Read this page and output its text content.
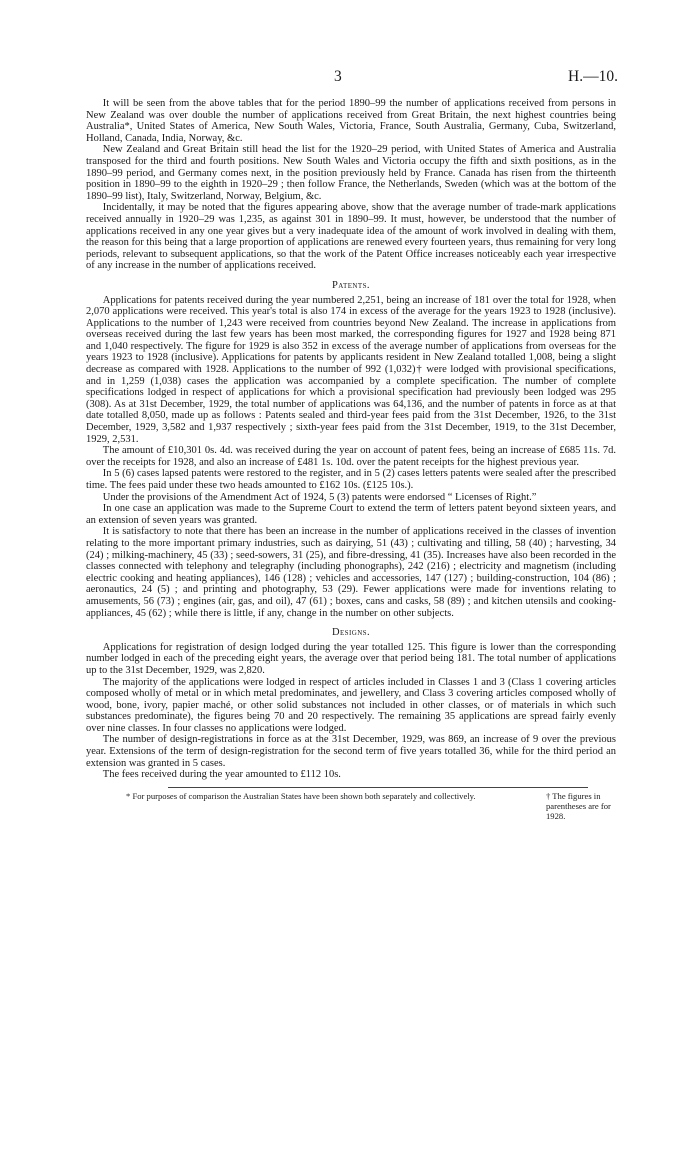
3	H.—10.

It will be seen from the above tables that for the period 1890–99 the number of applications received from persons in New Zealand was over double the number of applications received from Great Britain, the next highest countries being Australia*, United States of America, New South Wales, Victoria, France, South Australia, Germany, Cuba, Switzerland, Holland, Canada, India, Norway, &c.

New Zealand and Great Britain still head the list for the 1920–29 period, with United States of America and Australia transposed for the third and fourth positions. New South Wales and Victoria occupy the fifth and sixth positions, as in the 1890–99 period, and Germany comes next, in the position previously held by France. Canada has risen from the thirteenth position in 1890–99 to the eighth in 1920–29 ; then follow France, the Netherlands, Sweden (which was at the bottom of the 1890–99 list), Italy, Switzerland, Norway, Belgium, &c.

Incidentally, it may be noted that the figures appearing above, show that the average number of trade-mark applications received annually in 1920–29 was 1,235, as against 301 in 1890–99. It must, however, be understood that the number of applications received in any one year gives but a very inadequate idea of the amount of work involved in dealing with them, the reason for this being that a large proportion of applications are renewed every fourteen years, thus remaining for very long periods, relevant to subsequent applications, so that the work of the Patent Office increases noticeably each year irrespective of any increase in the number of applications received.

Patents.

Applications for patents received during the year numbered 2,251, being an increase of 181 over the total for 1928, when 2,070 applications were received. This year's total is also 174 in excess of the average for the years 1923 to 1928 (inclusive). Applications to the number of 1,243 were received from countries beyond New Zealand. The increase in applications from overseas received during the last few years has been most marked, the corresponding figures for 1927 and 1928 being 871 and 1,040 respectively. The figure for 1929 is also 352 in excess of the average number of applications from overseas for the years 1923 to 1928 (inclusive). Applications for patents by applicants resident in New Zealand totalled 1,008, being a slight decrease as compared with 1928. Applications to the number of 992 (1,032)† were lodged with provisional specifications, and in 1,259 (1,038) cases the application was accompanied by a complete specification. The number of complete specifications lodged in respect of applications for which a provisional specification had previously been lodged was 295 (308). As at 31st December, 1929, the total number of applications was 64,136, and the number of patents in force as at that date totalled 8,050, made up as follows : Patents sealed and third-year fees paid from the 31st December, 1926, to the 31st December, 1929, 3,582 and 1,937 respectively ; sixth-year fees paid from the 31st December, 1919, to the 31st December, 1929, 2,531.

The amount of £10,301 0s. 4d. was received during the year on account of patent fees, being an increase of £685 11s. 7d. over the receipts for 1928, and also an increase of £481 1s. 10d. over the patent receipts for the highest previous year.

In 5 (6) cases lapsed patents were restored to the register, and in 5 (2) cases letters patents were sealed after the prescribed time. The fees paid under these two heads amounted to £162 10s. (£125 10s.).

Under the provisions of the Amendment Act of 1924, 5 (3) patents were endorsed “ Licenses of Right.”

In one case an application was made to the Supreme Court to extend the term of letters patent beyond sixteen years, and an extension of seven years was granted.

It is satisfactory to note that there has been an increase in the number of applications received in the classes of invention relating to the more important primary industries, such as dairying, 51 (43) ; cultivating and tilling, 58 (40) ; harvesting, 34 (24) ; milking-machinery, 45 (33) ; seed-sowers, 31 (25), and fibre-dressing, 41 (35). Increases have also been recorded in the classes connected with telephony and telegraphy (including phonographs), 242 (216) ; electricity and magnetism (including electric cooking and heating appliances), 146 (128) ; vehicles and accessories, 147 (127) ; building-construction, 104 (86) ; aeronautics, 24 (5) ; and printing and photography, 53 (29). Fewer applications were made for inventions relating to amusements, 56 (73) ; engines (air, gas, and oil), 47 (61) ; boxes, cans and casks, 58 (89) ; and kitchen utensils and cooking-appliances, 45 (62) ; while there is little, if any, change in the number on other subjects.

Designs.

Applications for registration of design lodged during the year totalled 125. This figure is lower than the corresponding number lodged in each of the preceding eight years, the average over that period being 181. The total number of applications up to the 31st December, 1929, was 2,820.

The majority of the applications were lodged in respect of articles included in Classes 1 and 3 (Class 1 covering articles composed wholly of metal or in which metal predominates, and jewellery, and Class 3 covering articles composed wholly of wood, bone, ivory, papier maché, or other solid substances not included in other classes, or of materials in which such substances predominate), the figures being 70 and 20 respectively. The remaining 35 applications are spread fairly evenly over nine classes. In four classes no applications were lodged.

The number of design-registrations in force as at the 31st December, 1929, was 869, an increase of 9 over the previous year. Extensions of the term of design-registration for the second term of five years totalled 36, while for the third period an extension was granted in 5 cases.

The fees received during the year amounted to £112 10s.

* For purposes of comparison the Australian States have been shown both separately and collectively.	† The figures in parentheses are for 1928.
